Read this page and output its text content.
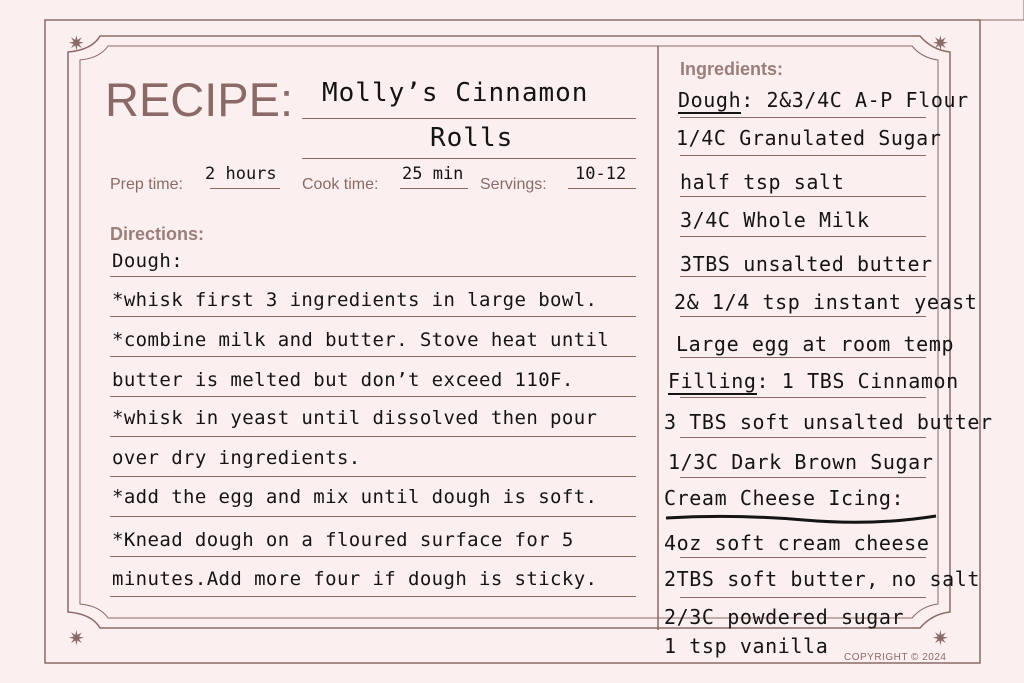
✷	✷
✷	✷
RECIPE: Molly’s Cinnamon
Rolls
Prep time:
2 hours
Cook time:
25 min
Servings:
10-12
Directions:
Dough:
*whisk first 3 ingredients in large bowl.
*combine milk and butter. Stove heat until
butter is melted but don’t exceed 110F.
*whisk in yeast until dissolved then pour
over dry ingredients.
*add the egg and mix until dough is soft.
*Knead dough on a floured surface for 5
minutes.Add more four if dough is sticky.
Ingredients:
Dough: 2&3/4C A-P Flour
1/4C Granulated Sugar
half tsp salt
3/4C Whole Milk
3TBS unsalted butter
2& 1/4 tsp instant yeast
Large egg at room temp
Filling: 1 TBS Cinnamon
3 TBS soft unsalted butter
1/3C Dark Brown Sugar
Cream Cheese Icing:
4oz soft cream cheese
2TBS soft butter, no salt
2/3C powdered sugar
1 tsp vanilla COPYRIGHT © 2024
